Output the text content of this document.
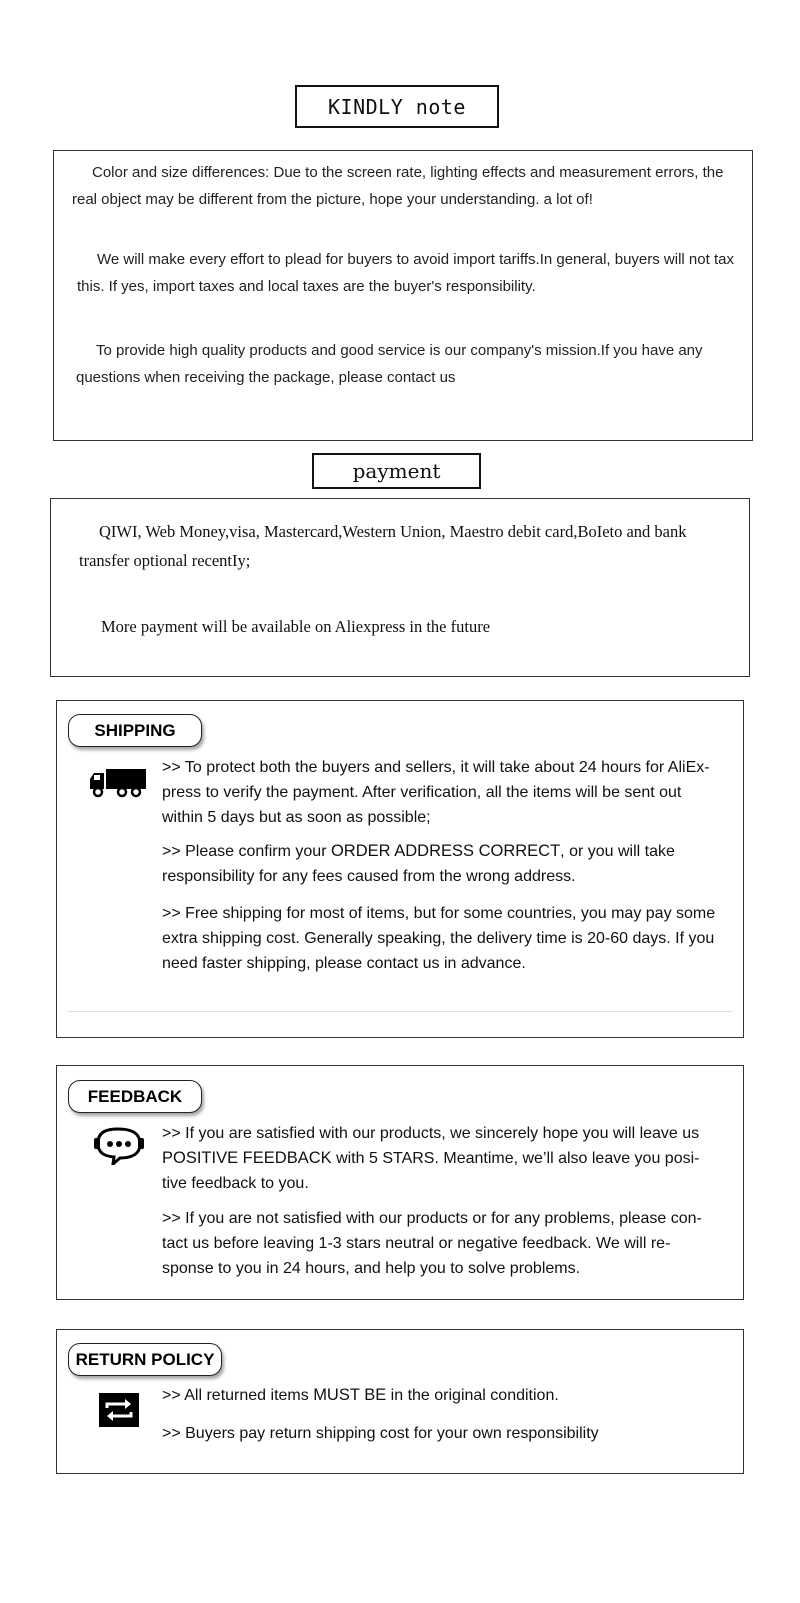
KINDLY note
Color and size differences: Due to the screen rate, lighting effects and measurement errors, the real object may be different from the picture, hope your understanding. a lot of!
We will make every effort to plead for buyers to avoid import tariffs.In general, buyers will not tax this. If yes, import taxes and local taxes are the buyer's responsibility.
To provide high quality products and good service is our company's mission.If you have any questions when receiving the package, please contact us
payment
QIWI, Web Money,visa, Mastercard,Western Union, Maestro debit card,BoIeto and bank transfer optional recentIy;
More payment will be available on Aliexpress in the future
SHIPPING
>> To protect both the buyers and sellers, it will take about 24 hours for AliEx- press to verify the payment. After verification, all the items will be sent out within 5 days but as soon as possible;
>> Please confirm your ORDER ADDRESS CORRECT, or you will take responsibility for any fees caused from the wrong address.
>> Free shipping for most of items, but for some countries, you may pay some extra shipping cost. Generally speaking, the delivery time is 20-60 days. If you need faster shipping, please contact us in advance.
FEEDBACK
>> If you are satisfied with our products, we sincerely hope you will leave us POSITIVE FEEDBACK with 5 STARS. Meantime, we’ll also leave you posi- tive feedback to you.
>> If you are not satisfied with our products or for any problems, please con- tact us before leaving 1-3 stars neutral or negative feedback. We will re- sponse to you in 24 hours, and help you to solve problems.
RETURN POLICY
>> All returned items MUST BE in the original condition.
>> Buyers pay return shipping cost for your own responsibility
